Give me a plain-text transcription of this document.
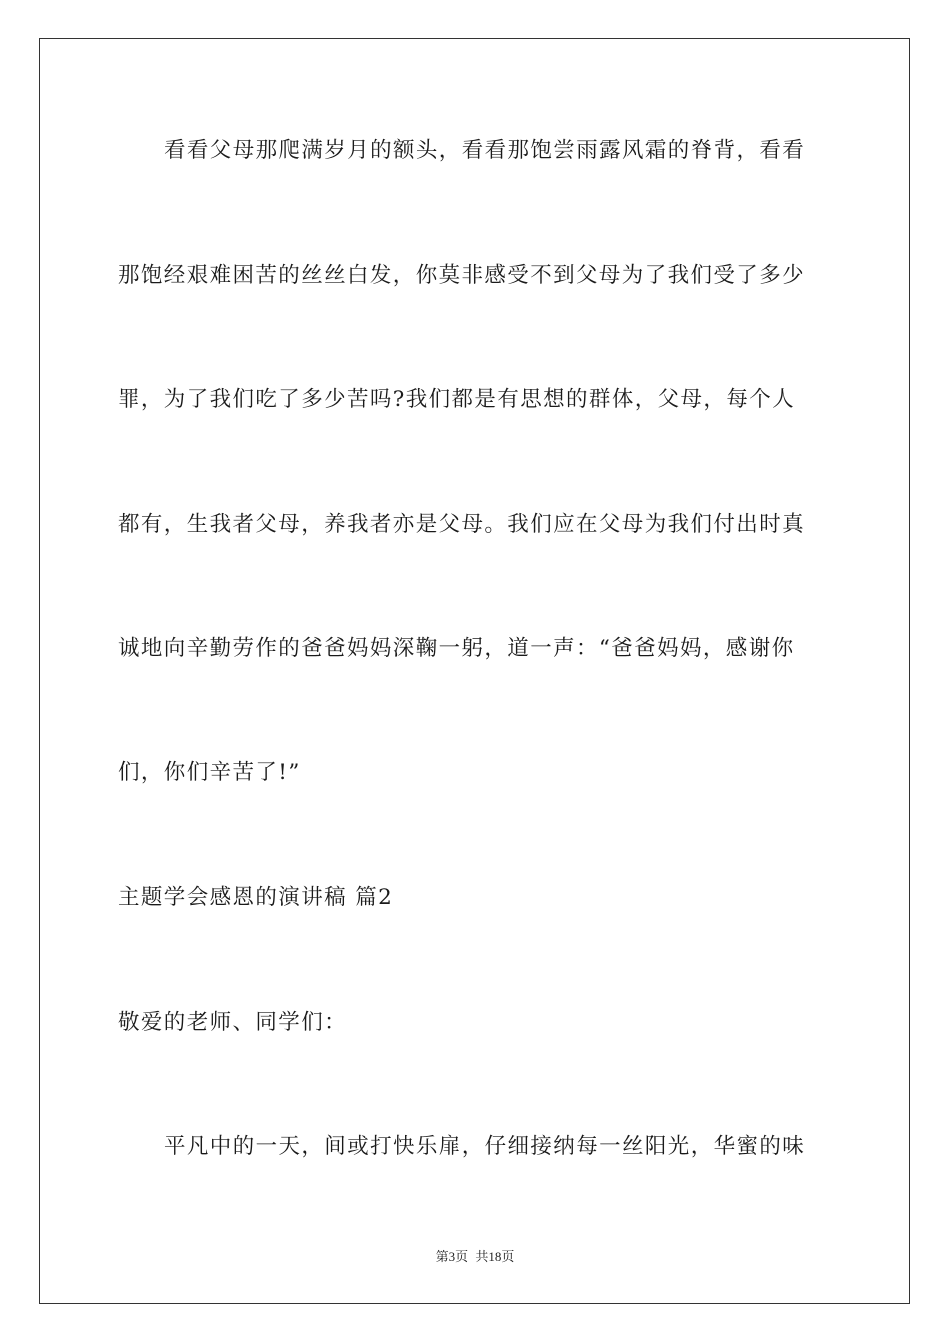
看看父母那爬满岁月的额头，看看那饱尝雨露风霜的脊背，看看
那饱经艰难困苦的丝丝白发，你莫非感受不到父母为了我们受了多少
罪，为了我们吃了多少苦吗?我们都是有思想的群体，父母，每个人
都有，生我者父母，养我者亦是父母。我们应在父母为我们付出时真
诚地向辛勤劳作的爸爸妈妈深鞠一躬，道一声：“爸爸妈妈，感谢你
们，你们辛苦了!”
主题学会感恩的演讲稿 篇2
敬爱的老师、同学们：
平凡中的一天，间或打快乐扉，仔细接纳每一丝阳光，华蜜的味
第3页 共18页
